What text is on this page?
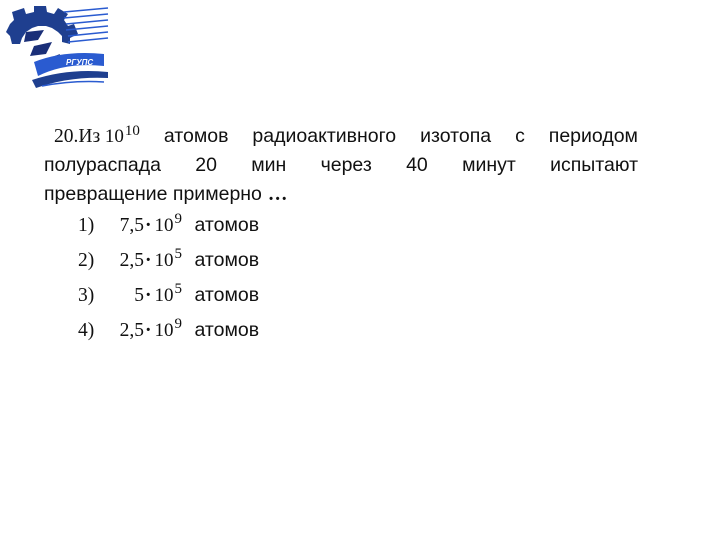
РГУПС
20.Из $10^{10}$ атомов радиоактивного изотопа с периодом
полураспада 20 мин через 40 минут испытают
превращение примерно …
1)	$7,5 \cdot 10^9$ атомов
2)	$2,5 \cdot 10^5$ атомов
3)	$5 \cdot 10^5$ атомов
4)	$2,5 \cdot 10^9$ атомов
